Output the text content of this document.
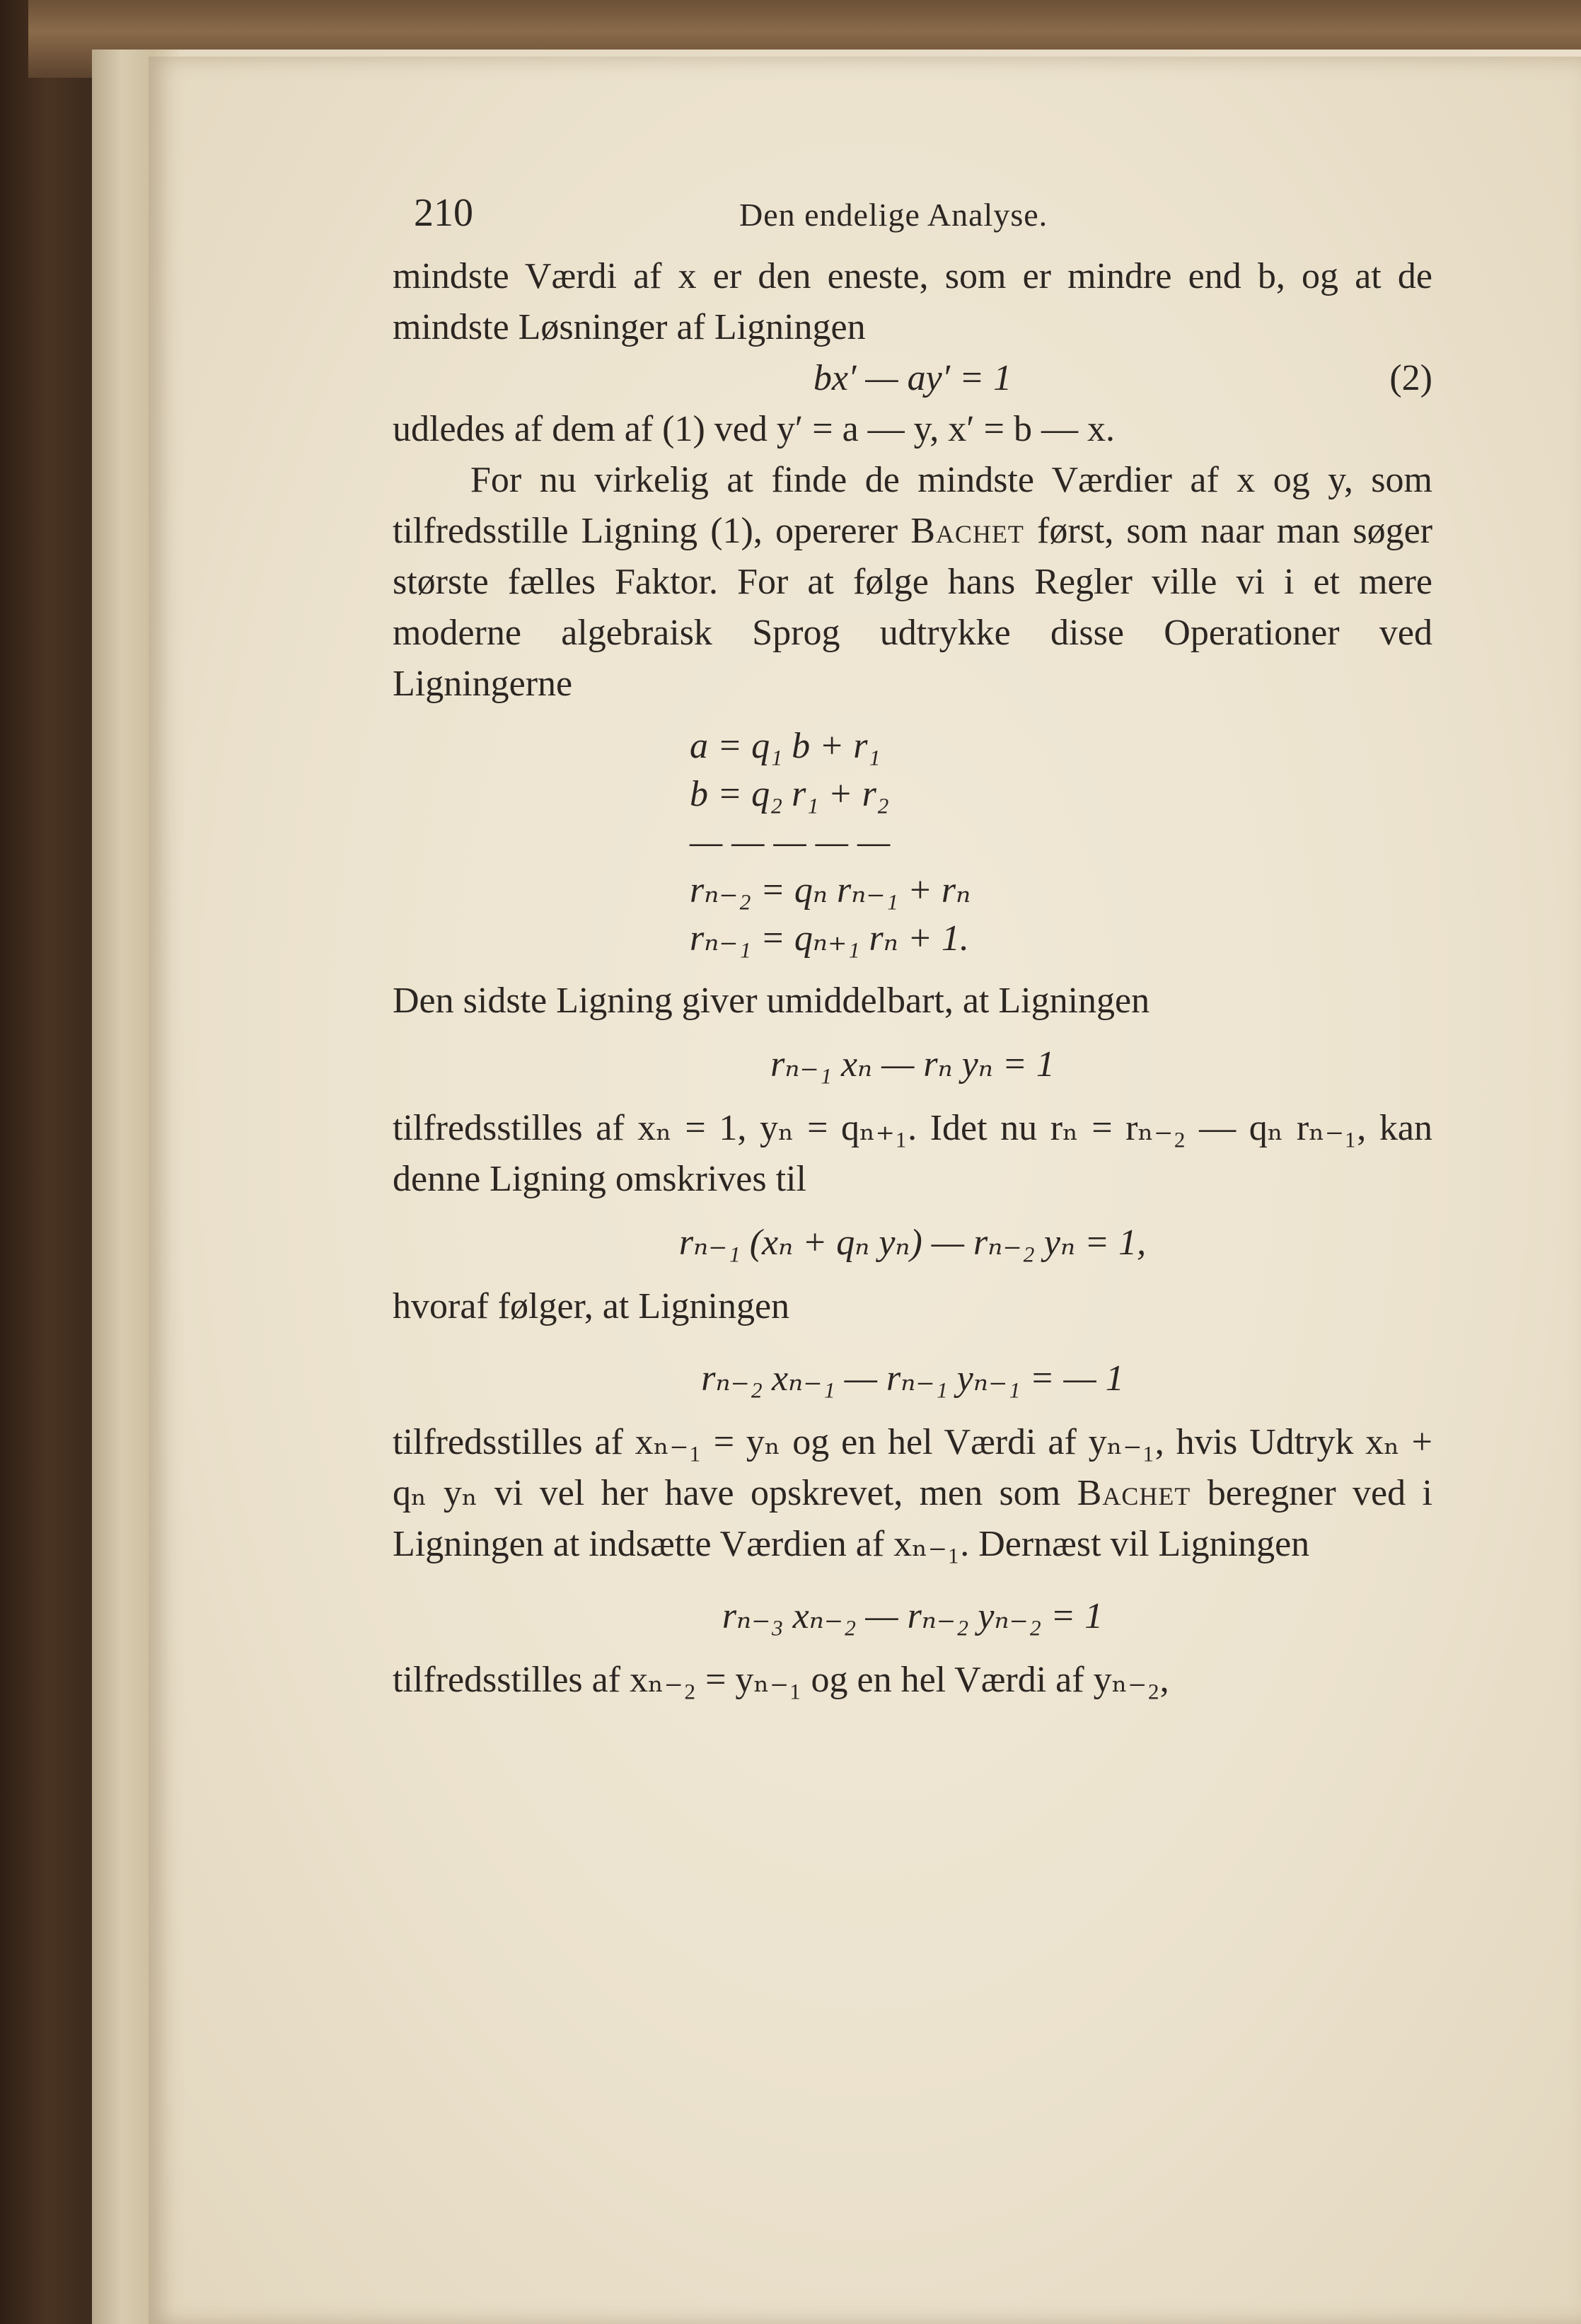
210	Den endelige Analyse.

mindste Værdi af x er den eneste, som er mindre end b, og at de mindste Løsninger af Ligningen

bx′ — ay′ = 1	(2)

udledes af dem af (1) ved y′ = a — y, x′ = b — x.

For nu virkelig at finde de mindste Værdier af x og y, som tilfredsstille Ligning (1), opererer Bachet først, som naar man søger største fælles Faktor. For at følge hans Regler ville vi i et mere moderne algebraisk Sprog udtrykke disse Operationer ved Ligningerne

a = q₁ b + r₁
b = q₂ r₁ + r₂
— — — — —
rₙ₋₂ = qₙ rₙ₋₁ + rₙ
rₙ₋₁ = qₙ₊₁ rₙ + 1.

Den sidste Ligning giver umiddelbart, at Ligningen

rₙ₋₁ xₙ — rₙ yₙ = 1

tilfredsstilles af xₙ = 1, yₙ = qₙ₊₁. Idet nu rₙ = rₙ₋₂ — qₙ rₙ₋₁, kan denne Ligning omskrives til

rₙ₋₁ (xₙ + qₙ yₙ) — rₙ₋₂ yₙ = 1,

hvoraf følger, at Ligningen

rₙ₋₂ xₙ₋₁ — rₙ₋₁ yₙ₋₁ = — 1

tilfredsstilles af xₙ₋₁ = yₙ og en hel Værdi af yₙ₋₁, hvis Udtryk xₙ + qₙ yₙ vi vel her have opskrevet, men som Bachet beregner ved i Ligningen at indsætte Værdien af xₙ₋₁. Dernæst vil Ligningen

rₙ₋₃ xₙ₋₂ — rₙ₋₂ yₙ₋₂ = 1

tilfredsstilles af xₙ₋₂ = yₙ₋₁ og en hel Værdi af yₙ₋₂,
